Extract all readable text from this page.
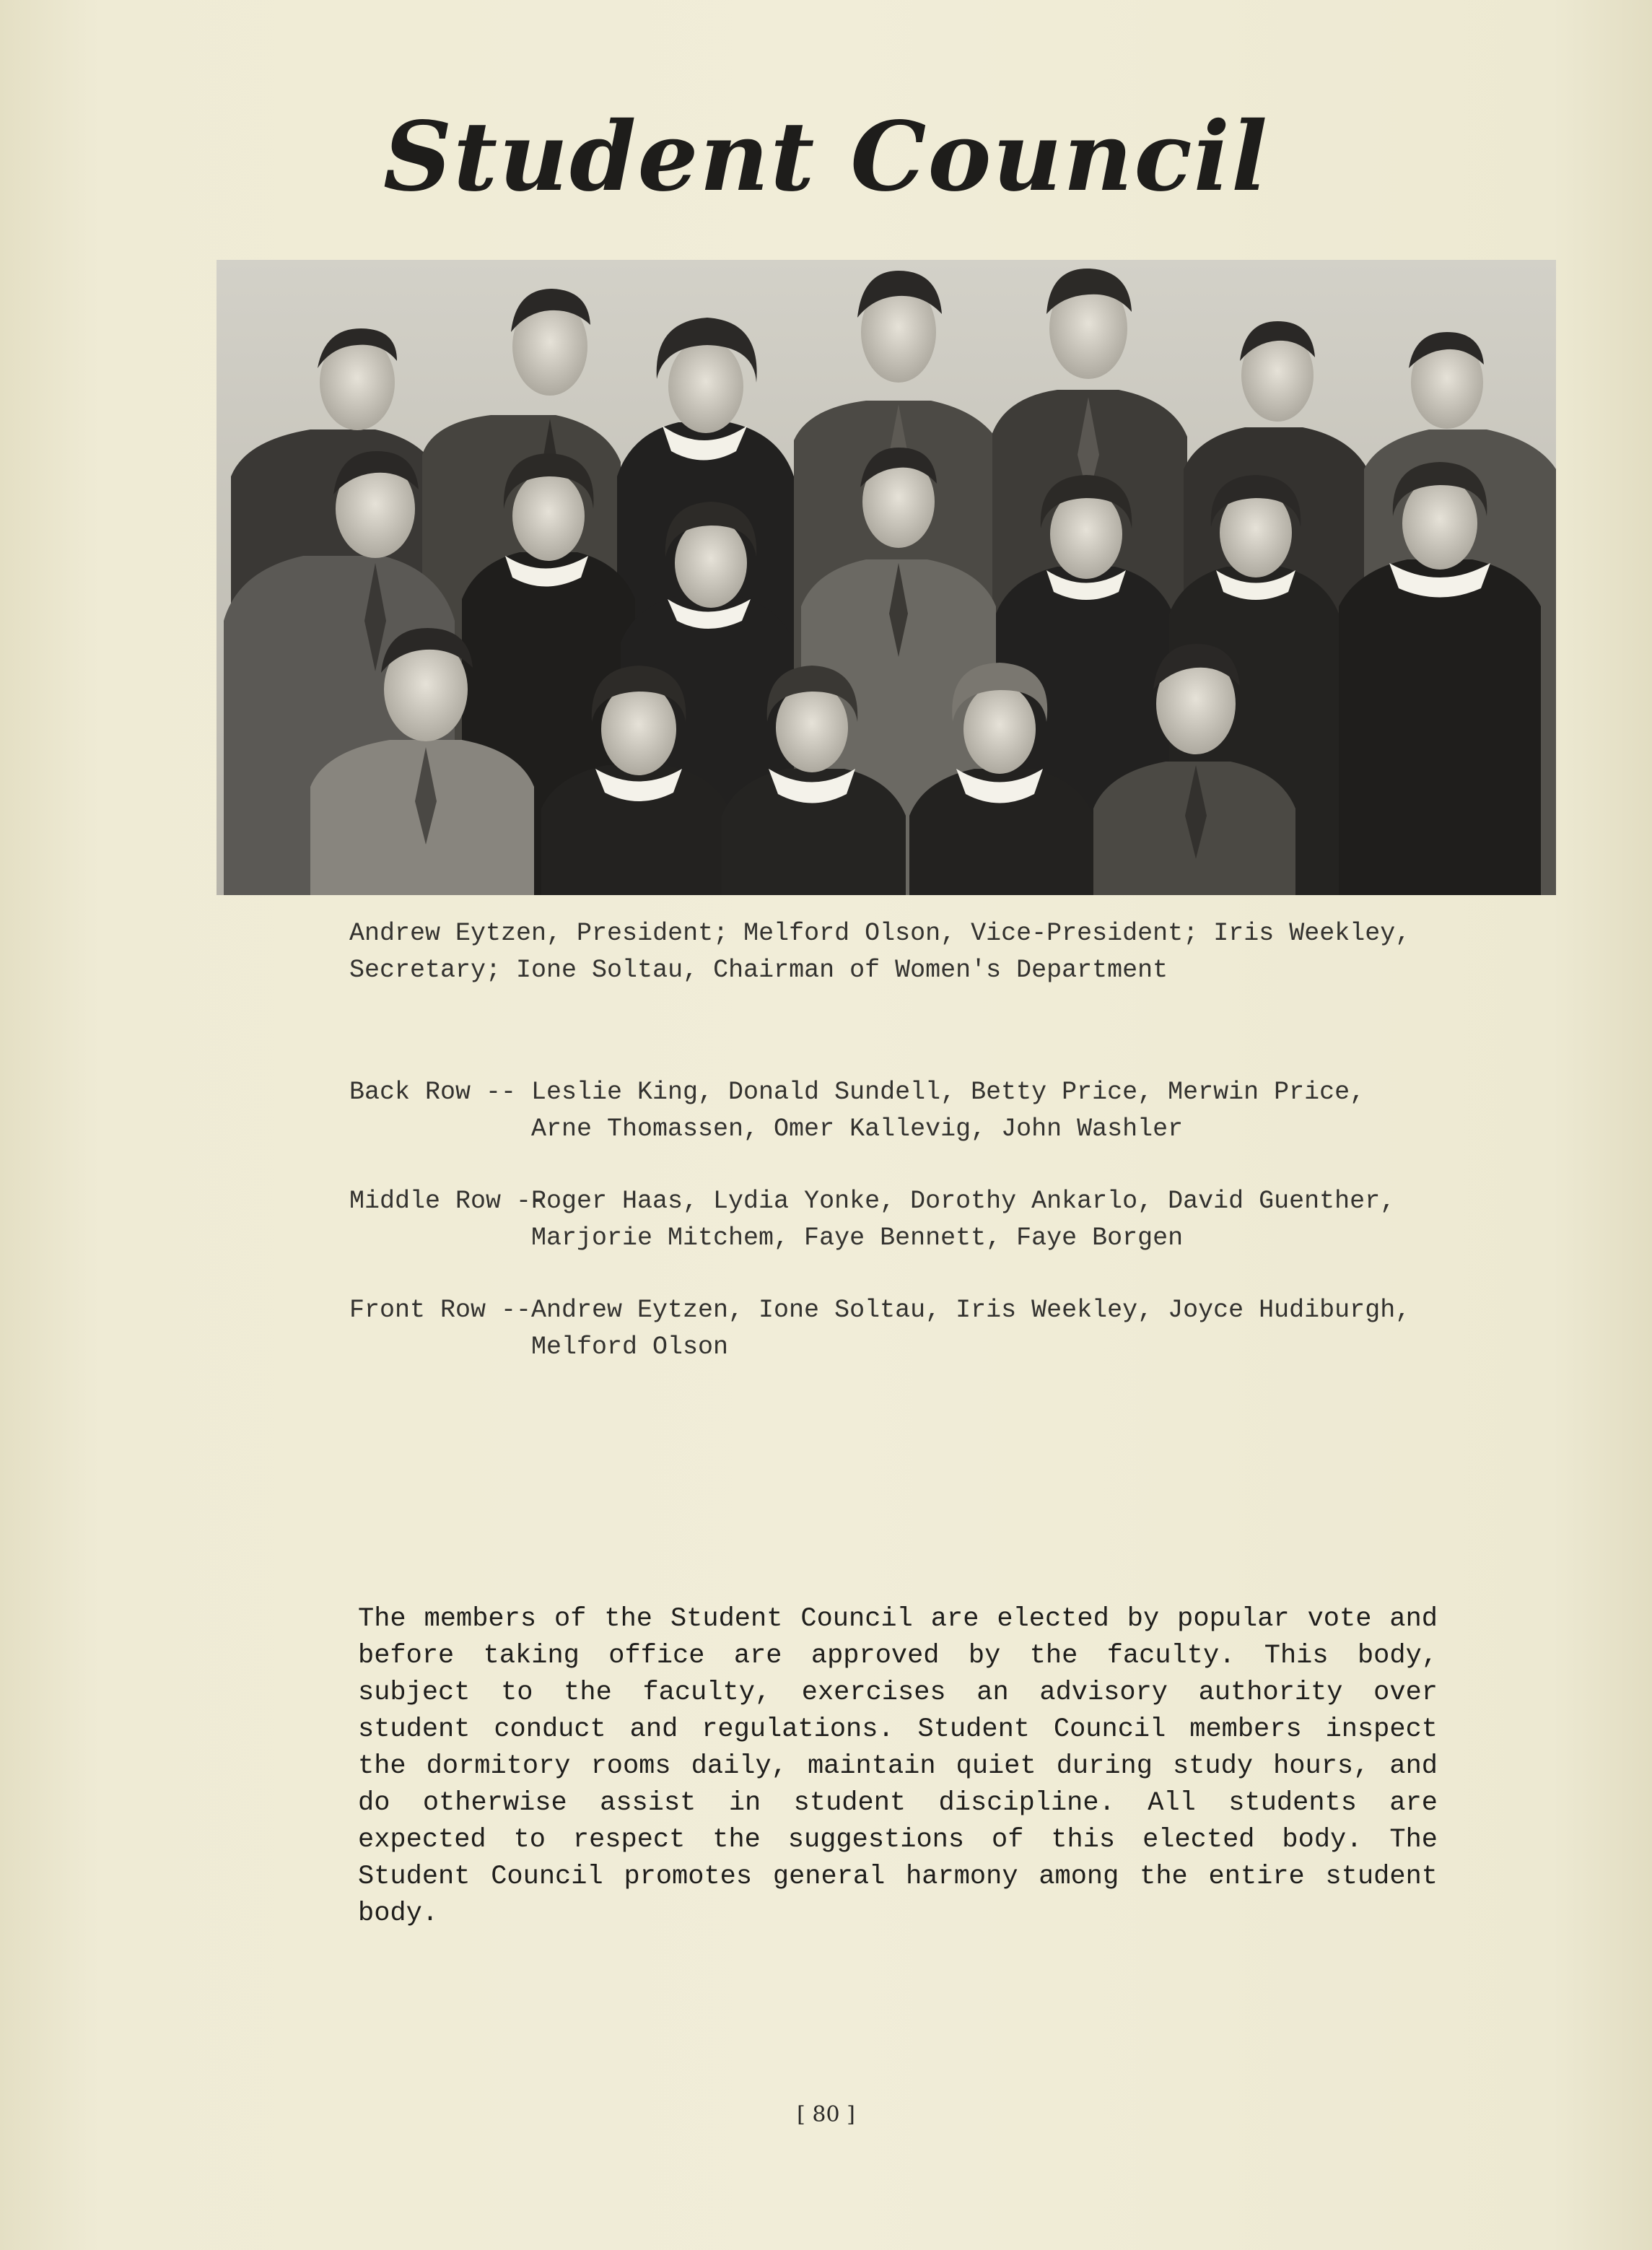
Student Council
Andrew Eytzen, President; Melford Olson, Vice-President; Iris Weekley, Secretary; Ione Soltau, Chairman of Women's Department
Back Row -- Leslie King, Donald Sundell, Betty Price, Merwin Price,
Arne Thomassen, Omer Kallevig, John Washler
Middle Row --
Roger Haas, Lydia Yonke, Dorothy Ankarlo, David Guenther,
Marjorie Mitchem, Faye Bennett, Faye Borgen
Front Row -- Andrew Eytzen, Ione Soltau, Iris Weekley, Joyce Hudiburgh,
Melford Olson
The members of the Student Council are elected by popular vote and before taking office are approved by the faculty. This body, subject to the faculty, exercises an advisory authority over student conduct and regulations. Student Council members inspect the dormitory rooms daily, maintain quiet during study hours, and do otherwise assist in student discipline. All students are expected to respect the suggestions of this elected body. The Student Council promotes general harmony among the entire student body.
[ 80 ]
